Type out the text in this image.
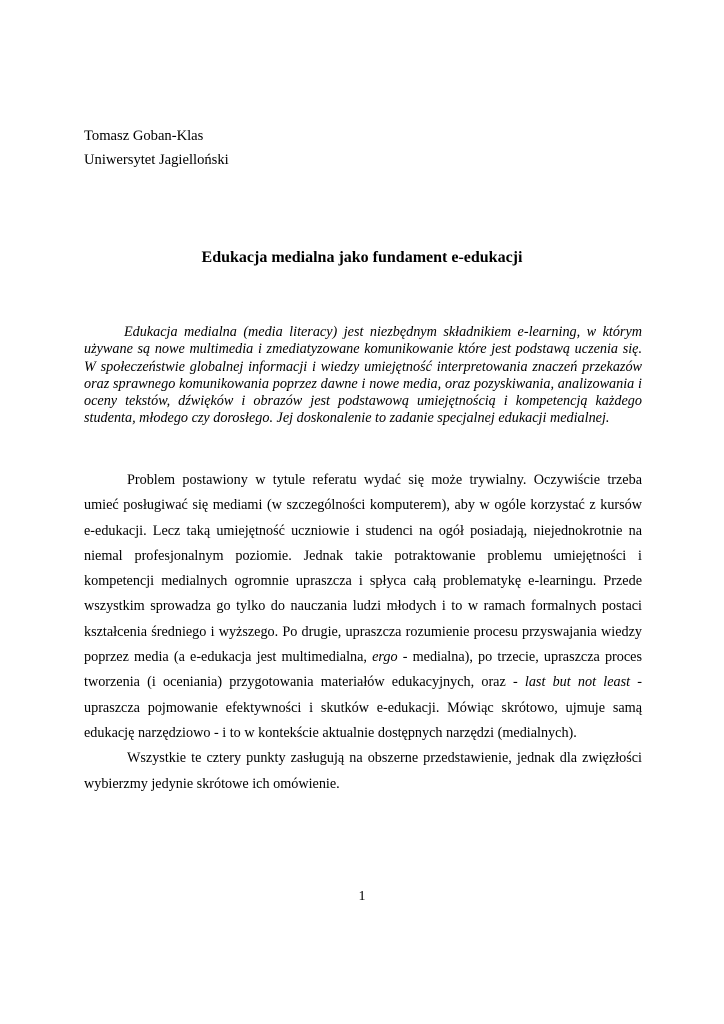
Tomasz Goban-Klas
Uniwersytet Jagielloński
Edukacja medialna jako fundament e-edukacji

Edukacja medialna (media literacy) jest niezbędnym składnikiem e-learning, w którym używane są nowe multimedia i zmediatyzowane komunikowanie które jest podstawą uczenia się. W społeczeństwie globalnej informacji i wiedzy umiejętność interpretowania znaczeń przekazów oraz sprawnego komunikowania poprzez dawne i nowe media, oraz pozyskiwania, analizowania i oceny tekstów, dźwięków i obrazów jest podstawową umiejętnością i kompetencją każdego studenta, młodego czy dorosłego. Jej doskonalenie to zadanie specjalnej edukacji medialnej.

Problem postawiony w tytule referatu wydać się może trywialny. Oczywiście trzeba umieć posługiwać się mediami (w szczególności komputerem), aby w ogóle korzystać z kursów e-edukacji. Lecz taką umiejętność uczniowie i studenci na ogół posiadają, niejednokrotnie na niemal profesjonalnym poziomie. Jednak takie potraktowanie problemu umiejętności i kompetencji medialnych ogromnie upraszcza i spłyca całą problematykę e-learningu. Przede wszystkim sprowadza go tylko do nauczania ludzi młodych i to w ramach formalnych postaci kształcenia średniego i wyższego. Po drugie, upraszcza rozumienie procesu przyswajania wiedzy poprzez media (a e-edukacja jest multimedialna, ergo - medialna), po trzecie, upraszcza proces tworzenia (i oceniania) przygotowania materiałów edukacyjnych, oraz - last but not least - upraszcza pojmowanie efektywności i skutków e-edukacji. Mówiąc skrótowo, ujmuje samą edukację narzędziowo - i to w kontekście aktualnie dostępnych narzędzi (medialnych).

Wszystkie te cztery punkty zasługują na obszerne przedstawienie, jednak dla zwięzłości wybierzmy jedynie skrótowe ich omówienie.

1
